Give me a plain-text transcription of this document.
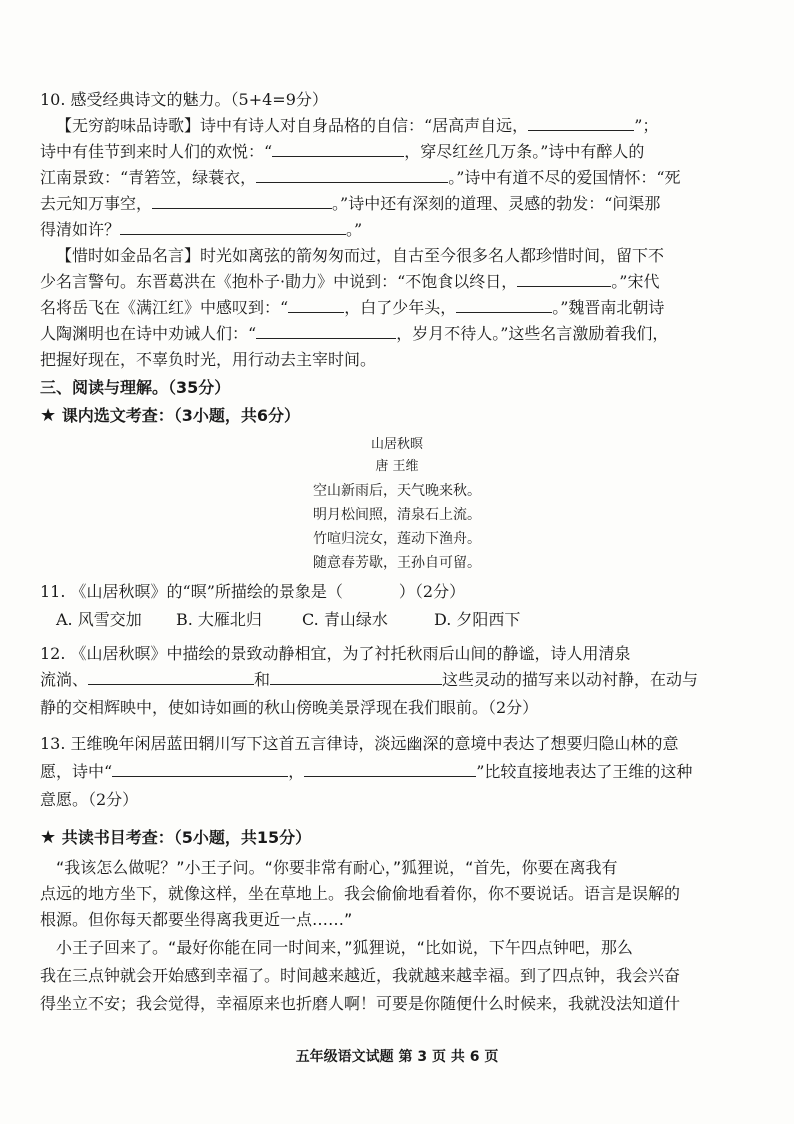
10. 感受经典诗文的魅力。（5+4=9分）
【无穷韵味品诗歌】诗中有诗人对自身品格的自信：“居高声自远，	”；
诗中有佳节到来时人们的欢悦：“	，穿尽红丝几万条。”诗中有醉人的
江南景致：“青箬笠，绿蓑衣，	。”诗中有道不尽的爱国情怀：“死
去元知万事空，	。”诗中还有深刻的道理、灵感的勃发：“问渠那
得清如许？	。”
【惜时如金品名言】时光如离弦的箭匆匆而过，自古至今很多名人都珍惜时间，留下不
少名言警句。东晋葛洪在《抱朴子·勖力》中说到：“不饱食以终日，	。”宋代
名将岳飞在《满江红》中感叹到：“	，白了少年头，	。”魏晋南北朝诗
人陶渊明也在诗中劝诫人们：“	，岁月不待人。”这些名言激励着我们，
把握好现在，不辜负时光，用行动去主宰时间。
三、阅读与理解。（35分）
★ 课内选文考查：（3小题，共6分）
山居秋暝
唐 王维
空山新雨后，天气晚来秋。
明月松间照，清泉石上流。
竹喧归浣女，莲动下渔舟。
随意春芳歇，王孙自可留。
11. 《山居秋暝》的“暝”所描绘的景象是（	）（2分）
A. 风雪交加 B. 大雁北归	C. 青山绿水	D. 夕阳西下
12. 《山居秋暝》中描绘的景致动静相宜，为了衬托秋雨后山间的静谧，诗人用清泉
流淌、	和	这些灵动的描写来以动衬静，在动与
静的交相辉映中，使如诗如画的秋山傍晚美景浮现在我们眼前。（2分）
13. 王维晚年闲居蓝田辋川写下这首五言律诗，淡远幽深的意境中表达了想要归隐山林的意
愿，诗中“	，	”比较直接地表达了王维的这种
意愿。（2分）
★ 共读书目考查：（5小题，共15分）
“我该怎么做呢？”小王子问。“你要非常有耐心，”狐狸说，“首先，你要在离我有
点远的地方坐下，就像这样，坐在草地上。我会偷偷地看着你，你不要说话。语言是误解的
根源。但你每天都要坐得离我更近一点……”
小王子回来了。“最好你能在同一时间来，”狐狸说，“比如说，下午四点钟吧，那么
我在三点钟就会开始感到幸福了。时间越来越近，我就越来越幸福。到了四点钟，我会兴奋
得坐立不安；我会觉得，幸福原来也折磨人啊！可要是你随便什么时候来，我就没法知道什
五年级语文试题 第 3 页 共 6 页
